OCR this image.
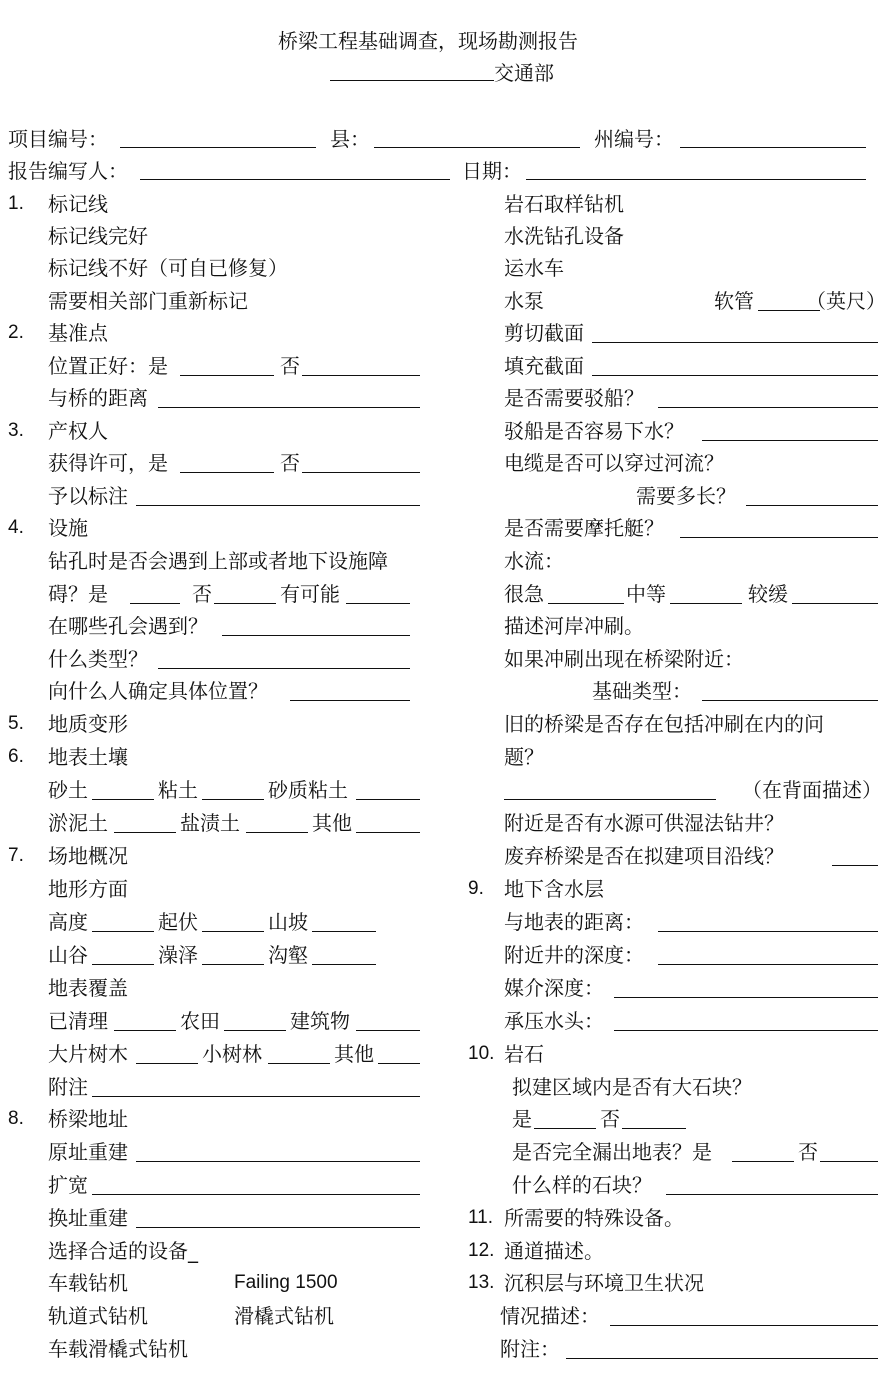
桥梁工程基础调查，现场勘测报告
交通部
项目编号：	县：	州编号：
报告编写人：	日期：
1. 标记线
标记线完好
标记线不好（可自已修复）
需要相关部门重新标记
2. 基准点
位置正好：是	否
与桥的距离
3. 产权人
获得许可，是	否
予以标注
4. 设施
钻孔时是否会遇到上部或者地下设施障
碍？是	否	有可能
在哪些孔会遇到？
什么类型？
向什么人确定具体位置？
5. 地质变形
6. 地表土壤
砂土	粘土	砂质粘土
淤泥土	盐渍土	其他
7. 场地概况
地形方面
高度	起伏	山坡
山谷	澡泽	沟壑
地表覆盖
已清理	农田	建筑物
大片树木	小树林	其他
附注
8. 桥梁地址
原址重建
扩宽
换址重建
选择合适的设备_
车载钻机	Failing 1500
轨道式钻机	滑橇式钻机
车载滑橇式钻机
岩石取样钻机
水洗钻孔设备
运水车
水泵	软管	（英尺）
剪切截面
填充截面
是否需要驳船？
驳船是否容易下水？
电缆是否可以穿过河流？
需要多长？
是否需要摩托艇？
水流：
很急	中等	较缓
描述河岸冲刷。
如果冲刷出现在桥梁附近：
基础类型：
旧的桥梁是否存在包括冲刷在内的问
题？
（在背面描述）
附近是否有水源可供湿法钻井？
废弃桥梁是否在拟建项目沿线？
9. 地下含水层
与地表的距离：
附近井的深度：
媒介深度：
承压水头：
10. 岩石
拟建区域内是否有大石块？
是	否
是否完全漏出地表？是	否
什么样的石块？
11. 所需要的特殊设备。
12. 通道描述。
13. 沉积层与环境卫生状况
情况描述：
附注：
